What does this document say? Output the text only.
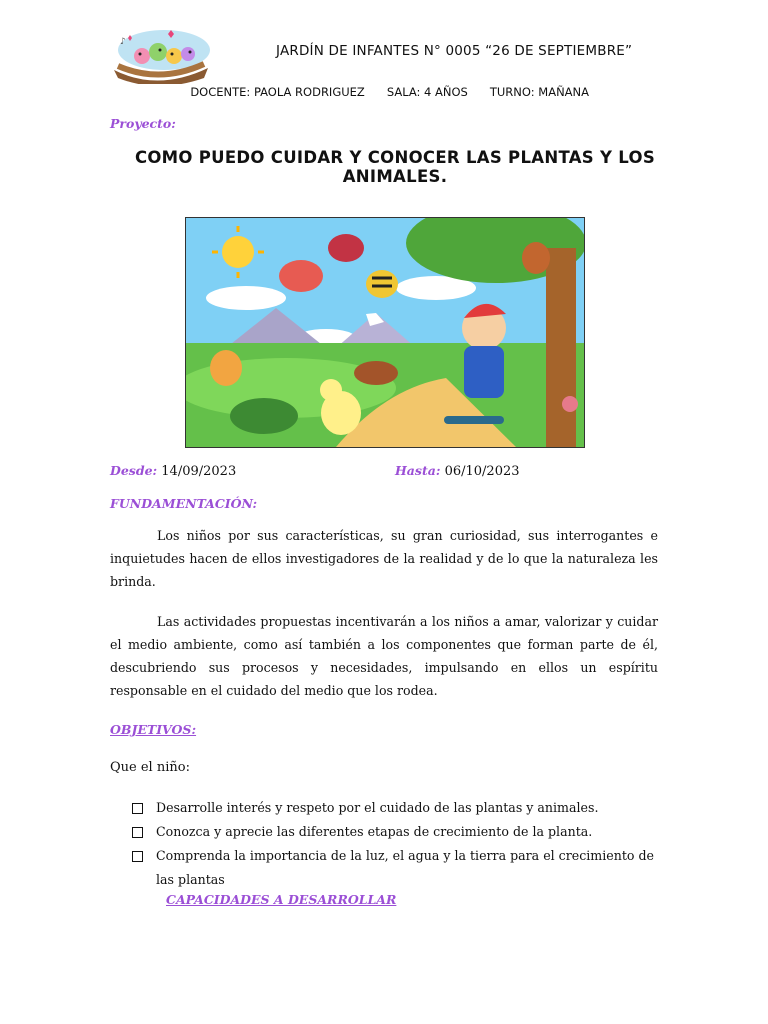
♪
JARDÍN DE INFANTES N° 0005 “26 DE SEPTIEMBRE”

DOCENTE: PAOLA RODRIGUEZ SALA: 4 AÑOS TURNO: MAÑANA

Proyecto:
COMO PUEDO CUIDAR Y CONOCER LAS PLANTAS Y LOS ANIMALES.
Desde: 14/09/2023	Hasta: 06/10/2023
FUNDAMENTACIÓN:

Los niños por sus características, su gran curiosidad, sus interrogantes e inquietudes hacen de ellos investigadores de la realidad y de lo que la naturaleza les brinda.

Las actividades propuestas incentivarán a los niños a amar, valorizar y cuidar el medio ambiente, como así también a los componentes que forman parte de él, descubriendo sus procesos y necesidades, impulsando en ellos un espíritu responsable en el cuidado del medio que los rodea.

OBJETIVOS:
Que el niño:
Desarrolle interés y respeto por el cuidado de las plantas y animales.
Conozca y aprecie las diferentes etapas de crecimiento de la planta.
Comprenda la importancia de la luz, el agua y la tierra para el crecimiento de las plantas
CAPACIDADES A DESARROLLAR
